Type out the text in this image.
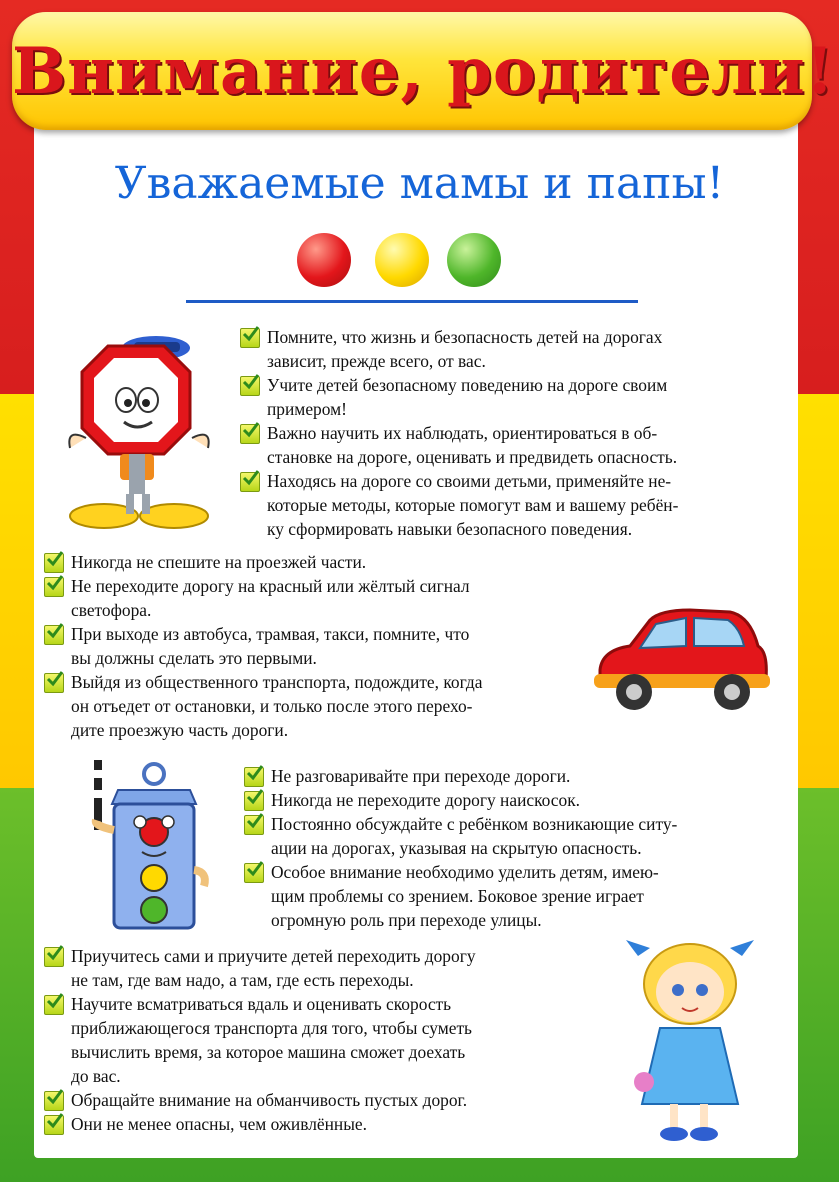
Внимание, родители!
Уважаемые мамы и папы!
Помните, что жизнь и безопасность детей на дорогах
зависит, прежде всего, от вас.
Учите детей безопасному поведению на дороге своим
примером!
Важно научить их наблюдать, ориентироваться в об-
становке на дороге, оценивать и предвидеть опасность.
Находясь на дороге со своими детьми, применяйте не-
которые методы, которые помогут вам и вашему ребён-
ку сформировать навыки безопасного поведения.
Никогда не спешите на проезжей части.
Не переходите дорогу на красный или жёлтый сигнал
светофора.
При выходе из автобуса, трамвая, такси, помните, что
вы должны сделать это первыми.
Выйдя из общественного транспорта, подождите, когда
он отъедет от остановки, и только после этого перехо-
дите проезжую часть дороги.
Не разговаривайте при переходе дороги.
Никогда не переходите дорогу наискосок.
Постоянно обсуждайте с ребёнком возникающие ситу-
ации на дорогах, указывая на скрытую опасность.
Особое внимание необходимо уделить детям, имею-
щим проблемы со зрением. Боковое зрение играет
огромную роль при переходе улицы.
Приучитесь сами и приучите детей переходить дорогу
не там, где вам надо, а там, где есть переходы.
Научите всматриваться вдаль и оценивать скорость
приближающегося транспорта для того, чтобы суметь
вычислить время, за которое машина сможет доехать
до вас.
Обращайте внимание на обманчивость пустых дорог.
Они не менее опасны, чем оживлённые.
